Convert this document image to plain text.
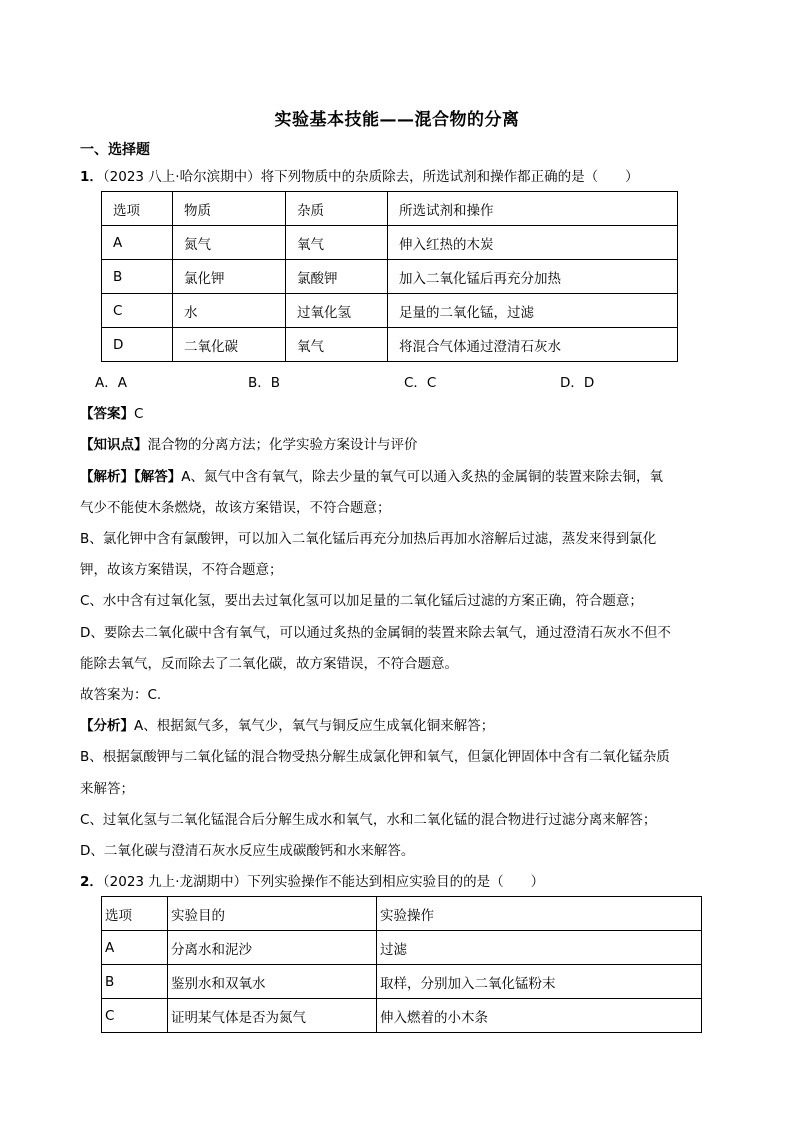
实验基本技能——混合物的分离
一、选择题
1．（2023 八上·哈尔滨期中）将下列物质中的杂质除去，所选试剂和操作都正确的是（　　）
选项	物质	杂质	所选试剂和操作
A	氮气	氧气	伸入红热的木炭
B	氯化钾	氯酸钾	加入二氧化锰后再充分加热
C	水	过氧化氢	足量的二氧化锰，过滤
D	二氧化碳	氧气	将混合气体通过澄清石灰水
A．A	B．B	C．C	D．D
【答案】C
【知识点】混合物的分离方法；化学实验方案设计与评价
【解析】【解答】A、氮气中含有氧气，除去少量的氧气可以通入炙热的金属铜的装置来除去铜，氧
气少不能使木条燃烧，故该方案错误，不符合题意；
B、氯化钾中含有氯酸钾，可以加入二氧化锰后再充分加热后再加水溶解后过滤，蒸发来得到氯化
钾，故该方案错误，不符合题意；
C、水中含有过氧化氢，要出去过氧化氢可以加足量的二氧化锰后过滤的方案正确，符合题意；
D、要除去二氧化碳中含有氧气，可以通过炙热的金属铜的装置来除去氧气，通过澄清石灰水不但不
能除去氧气，反而除去了二氧化碳，故方案错误，不符合题意。
故答案为：C.
【分析】A、根据氮气多，氧气少，氧气与铜反应生成氧化铜来解答；
B、根据氯酸钾与二氧化锰的混合物受热分解生成氯化钾和氧气，但氯化钾固体中含有二氧化锰杂质
来解答；
C、过氧化氢与二氧化锰混合后分解生成水和氧气，水和二氧化锰的混合物进行过滤分离来解答；
D、二氧化碳与澄清石灰水反应生成碳酸钙和水来解答。
2．（2023 九上·龙湖期中）下列实验操作不能达到相应实验目的的是（　　）
选项	实验目的	实验操作
A	分离水和泥沙	过滤
B	鉴别水和双氧水	取样，分别加入二氧化锰粉末
C	证明某气体是否为氮气	伸入燃着的小木条
